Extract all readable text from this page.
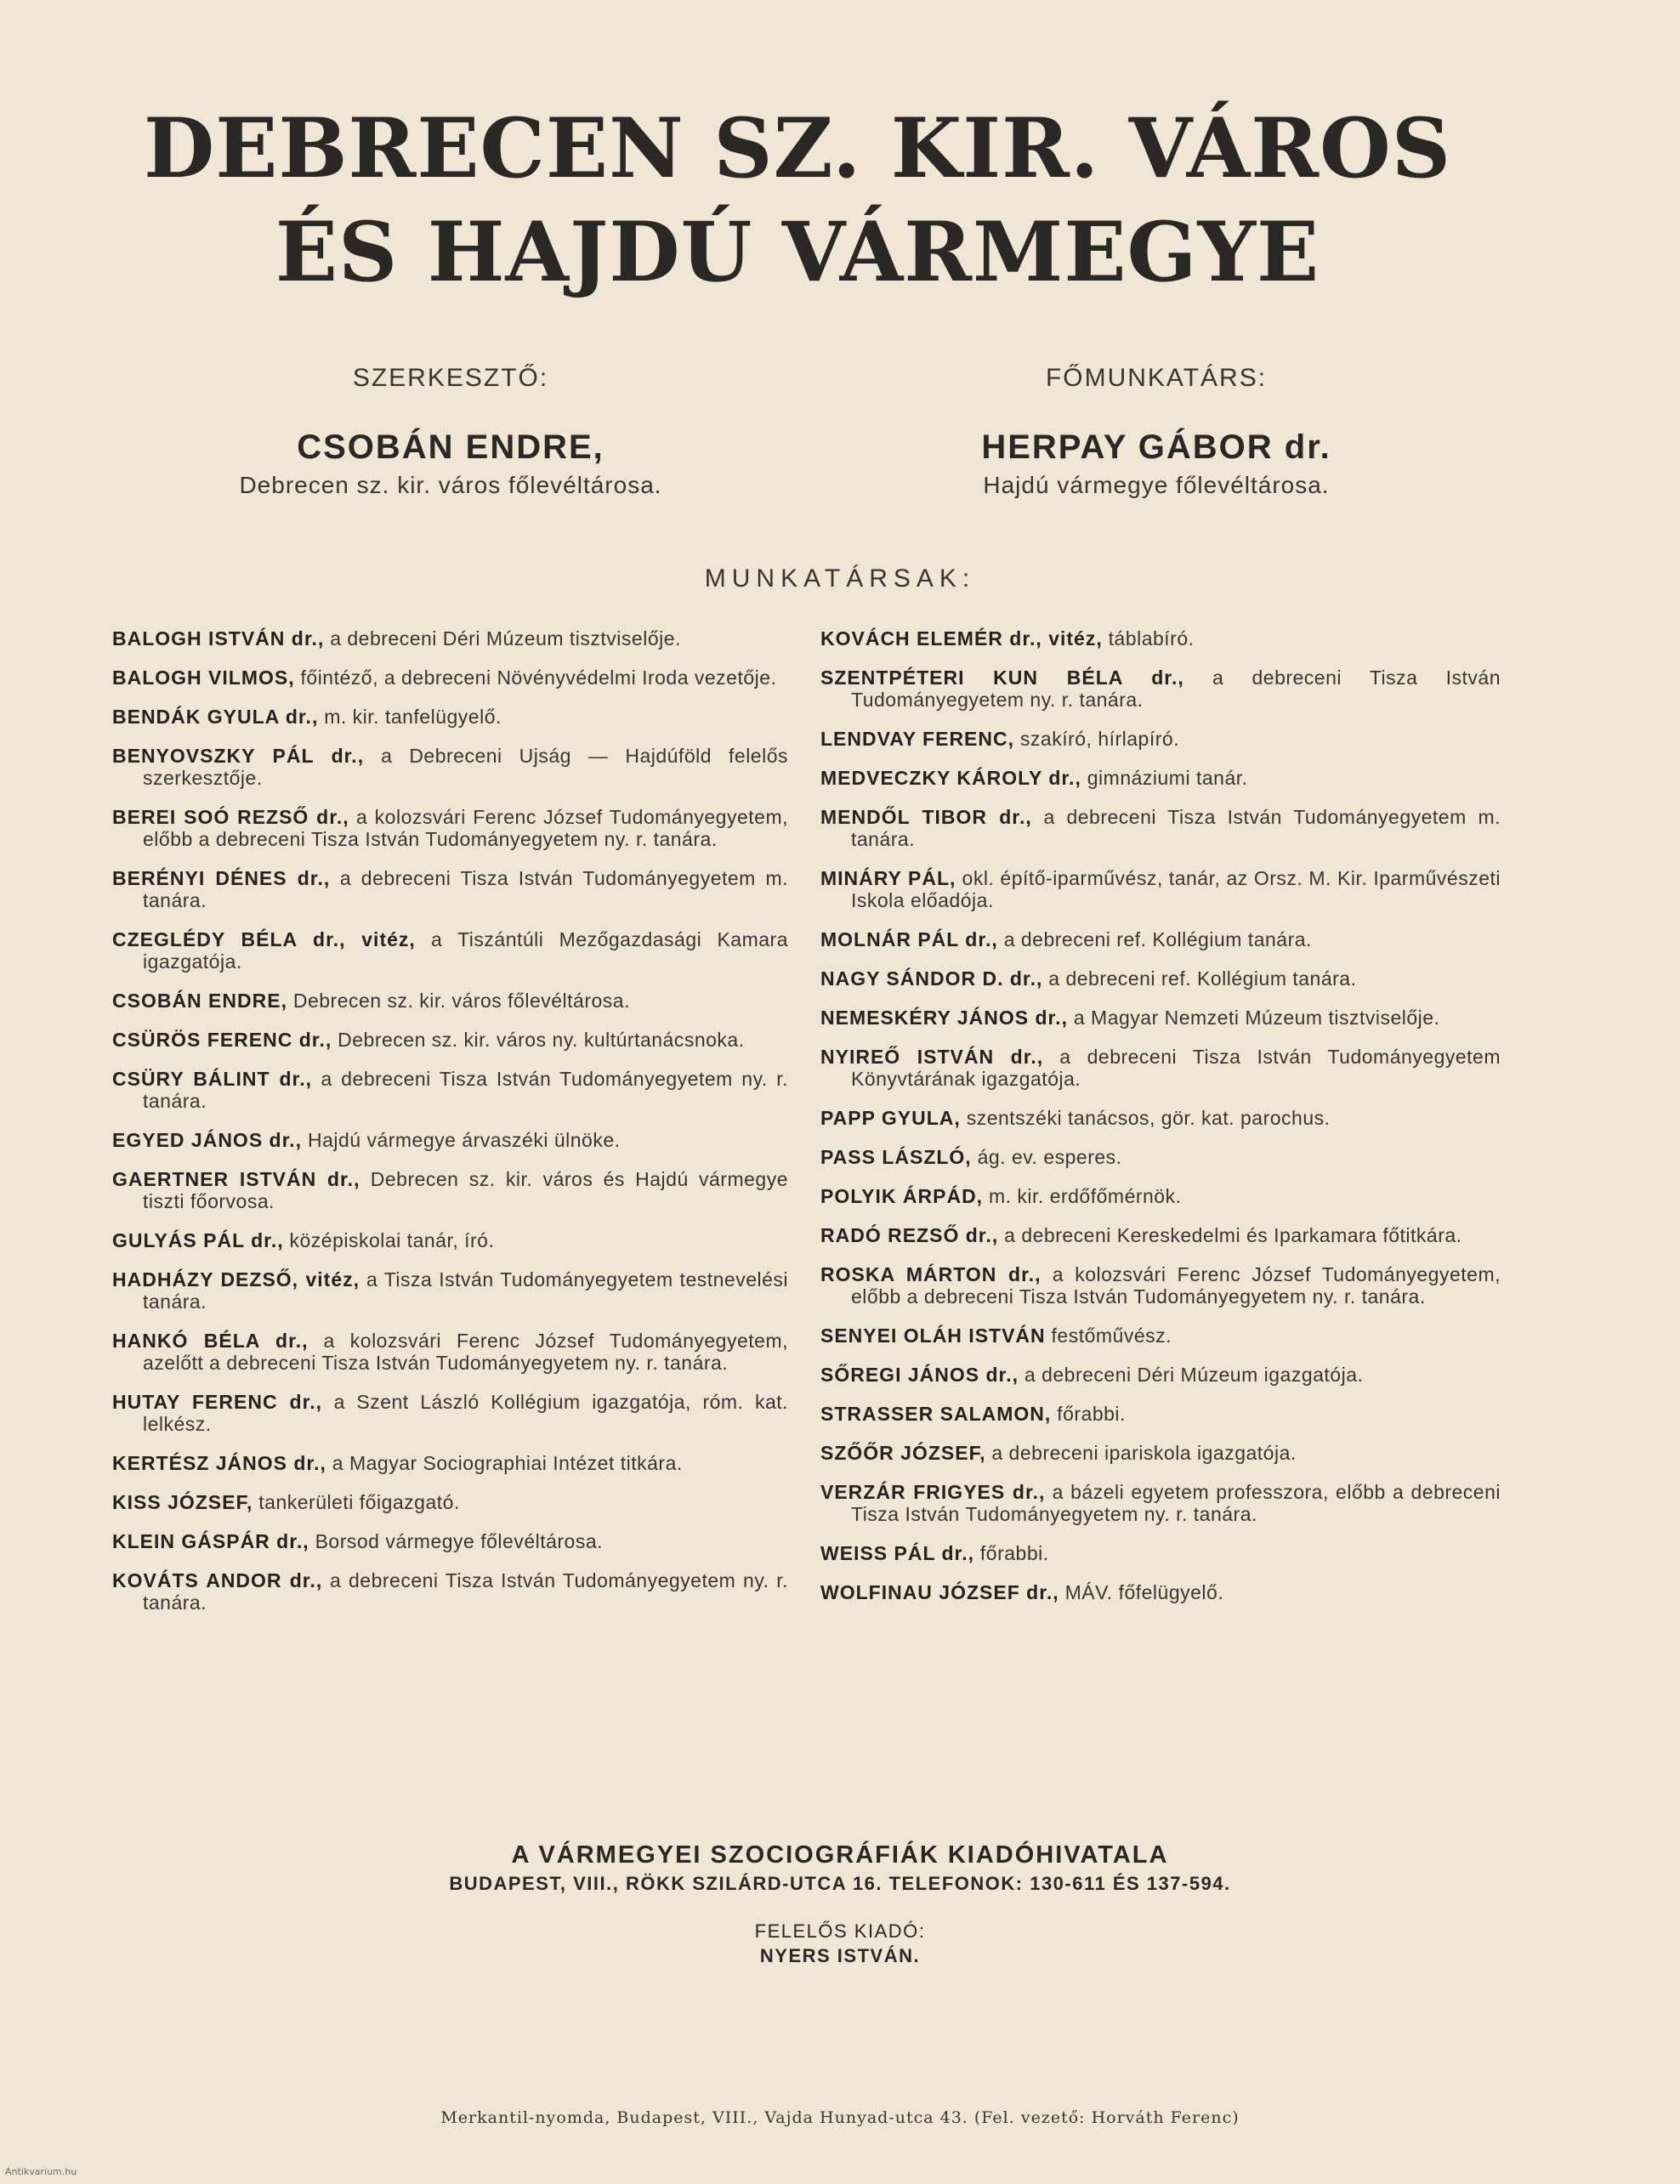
DEBRECEN SZ. KIR. VÁROS
ÉS HAJDÚ VÁRMEGYE
SZERKESZTŐ:
CSOBÁN ENDRE,
Debrecen sz. kir. város főlevéltárosa.
FŐMUNKATÁRS:
HERPAY GÁBOR dr.
Hajdú vármegye főlevéltárosa.
MUNKATÁRSAK:
BALOGH ISTVÁN dr., a debreceni Déri Múzeum tisztviselője.
BALOGH VILMOS, főintéző, a debreceni Növényvédelmi Iroda vezetője.
BENDÁK GYULA dr., m. kir. tanfelügyelő.
BENYOVSZKY PÁL dr., a Debreceni Ujság — Hajdúföld felelős szerkesztője.
BEREI SOÓ REZSŐ dr., a kolozsvári Ferenc József Tudományegyetem, előbb a debreceni Tisza István Tudományegyetem ny. r. tanára.
BERÉNYI DÉNES dr., a debreceni Tisza István Tudományegyetem m. tanára.
CZEGLÉDY BÉLA dr., vitéz, a Tiszántúli Mezőgazdasági Kamara igazgatója.
CSOBÁN ENDRE, Debrecen sz. kir. város főlevéltárosa.
CSÜRÖS FERENC dr., Debrecen sz. kir. város ny. kultúrtanácsnoka.
CSÜRY BÁLINT dr., a debreceni Tisza István Tudományegyetem ny. r. tanára.
EGYED JÁNOS dr., Hajdú vármegye árvaszéki ülnöke.
GAERTNER ISTVÁN dr., Debrecen sz. kir. város és Hajdú vármegye tiszti főorvosa.
GULYÁS PÁL dr., középiskolai tanár, író.
HADHÁZY DEZSŐ, vitéz, a Tisza István Tudományegyetem testnevelési tanára.
HANKÓ BÉLA dr., a kolozsvári Ferenc József Tudományegyetem, azelőtt a debreceni Tisza István Tudományegyetem ny. r. tanára.
HUTAY FERENC dr., a Szent László Kollégium igazgatója, róm. kat. lelkész.
KERTÉSZ JÁNOS dr., a Magyar Sociographiai Intézet titkára.
KISS JÓZSEF, tankerületi főigazgató.
KLEIN GÁSPÁR dr., Borsod vármegye főlevéltárosa.
KOVÁTS ANDOR dr., a debreceni Tisza István Tudományegyetem ny. r. tanára.
KOVÁCH ELEMÉR dr., vitéz, táblabíró.
SZENTPÉTERI KUN BÉLA dr., a debreceni Tisza István Tudományegyetem ny. r. tanára.
LENDVAY FERENC, szakíró, hírlapíró.
MEDVECZKY KÁROLY dr., gimnáziumi tanár.
MENDŐL TIBOR dr., a debreceni Tisza István Tudományegyetem m. tanára.
MINÁRY PÁL, okl. építő-iparművész, tanár, az Orsz. M. Kir. Iparművészeti Iskola előadója.
MOLNÁR PÁL dr., a debreceni ref. Kollégium tanára.
NAGY SÁNDOR D. dr., a debreceni ref. Kollégium tanára.
NEMESKÉRY JÁNOS dr., a Magyar Nemzeti Múzeum tisztviselője.
NYIREŐ ISTVÁN dr., a debreceni Tisza István Tudományegyetem Könyvtárának igazgatója.
PAPP GYULA, szentszéki tanácsos, gör. kat. parochus.
PASS LÁSZLÓ, ág. ev. esperes.
POLYIK ÁRPÁD, m. kir. erdőfőmérnök.
RADÓ REZSŐ dr., a debreceni Kereskedelmi és Iparkamara főtitkára.
ROSKA MÁRTON dr., a kolozsvári Ferenc József Tudományegyetem, előbb a debreceni Tisza István Tudományegyetem ny. r. tanára.
SENYEI OLÁH ISTVÁN festőművész.
SŐREGI JÁNOS dr., a debreceni Déri Múzeum igazgatója.
STRASSER SALAMON, főrabbi.
SZŐŐR JÓZSEF, a debreceni ipariskola igazgatója.
VERZÁR FRIGYES dr., a bázeli egyetem professzora, előbb a debreceni Tisza István Tudományegyetem ny. r. tanára.
WEISS PÁL dr., főrabbi.
WOLFINAU JÓZSEF dr., MÁV. főfelügyelő.
A VÁRMEGYEI SZOCIOGRÁFIÁK KIADÓHIVATALA
BUDAPEST, VIII., RÖKK SZILÁRD-UTCA 16. TELEFONOK: 130-611 ÉS 137-594.
FELELŐS KIADÓ:
NYERS ISTVÁN.
Merkantil-nyomda, Budapest, VIII., Vajda Hunyad-utca 43. (Fel. vezető: Horváth Ferenc)
Antikvarium.hu
